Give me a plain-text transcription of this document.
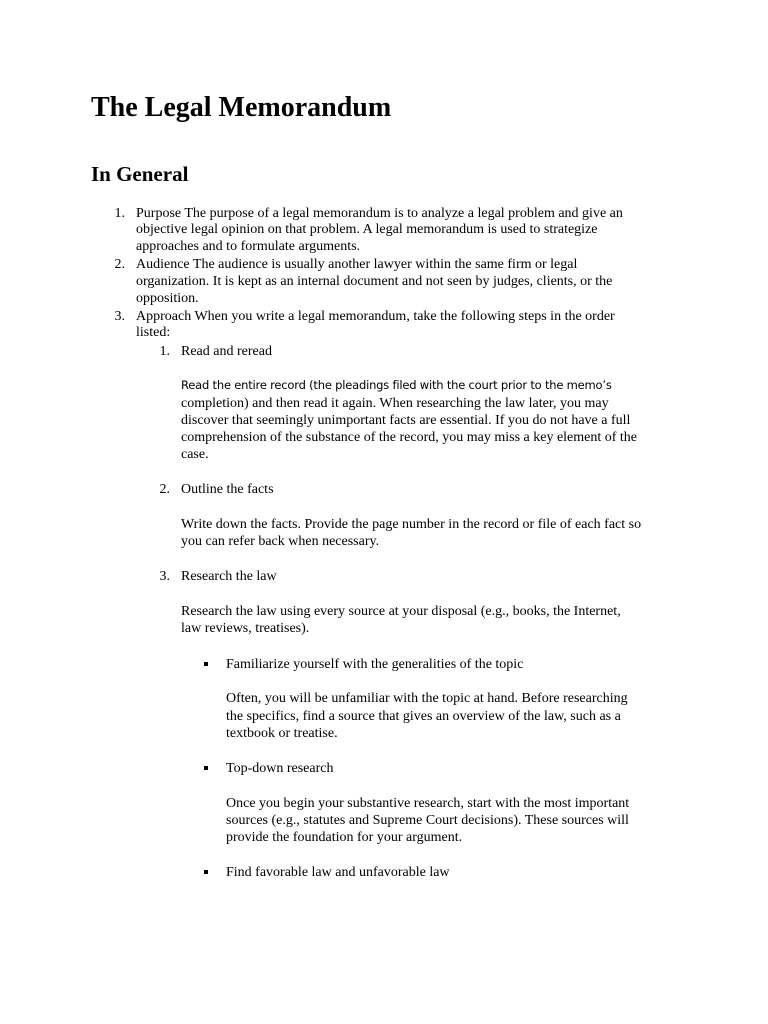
The Legal Memorandum
In General
1. Purpose The purpose of a legal memorandum is to analyze a legal problem and give an
objective legal opinion on that problem. A legal memorandum is used to strategize
approaches and to formulate arguments.
2. Audience The audience is usually another lawyer within the same firm or legal
organization. It is kept as an internal document and not seen by judges, clients, or the
opposition.
3. Approach When you write a legal memorandum, take the following steps in the order
listed:
1. Read and reread
Read the entire record (the pleadings filed with the court prior to the memo’s
completion) and then read it again. When researching the law later, you may
discover that seemingly unimportant facts are essential. If you do not have a full
comprehension of the substance of the record, you may miss a key element of the
case.
2. Outline the facts
Write down the facts. Provide the page number in the record or file of each fact so
you can refer back when necessary.
3. Research the law
Research the law using every source at your disposal (e.g., books, the Internet,
law reviews, treatises).
Familiarize yourself with the generalities of the topic
Often, you will be unfamiliar with the topic at hand. Before researching
the specifics, find a source that gives an overview of the law, such as a
textbook or treatise.
Top-down research
Once you begin your substantive research, start with the most important
sources (e.g., statutes and Supreme Court decisions). These sources will
provide the foundation for your argument.
Find favorable law and unfavorable law
